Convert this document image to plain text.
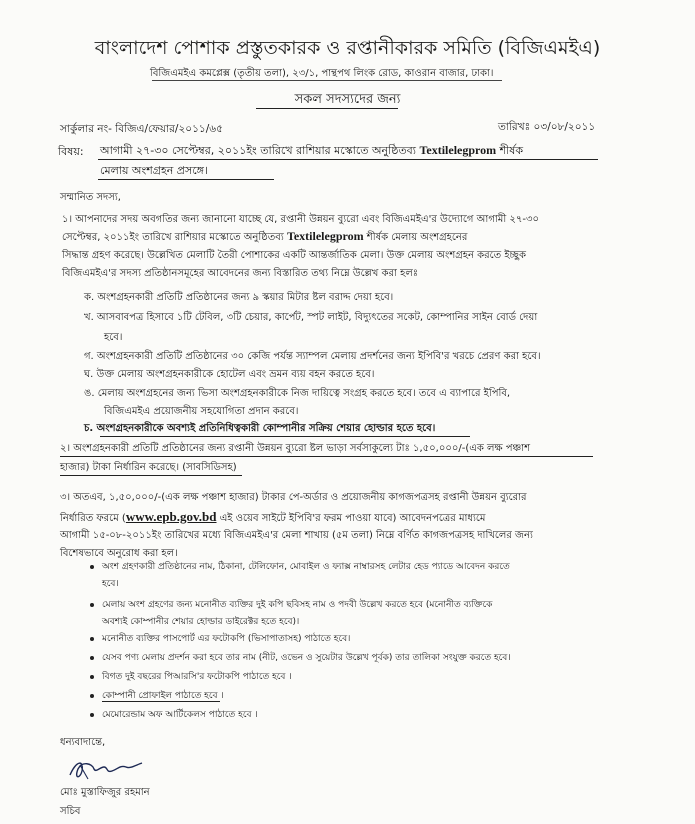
বাংলাদেশ পোশাক প্রস্তুতকারক ও রপ্তানীকারক সমিতি (বিজিএমইএ)
বিজিএমইএ কমপ্লেক্স (তৃতীয় তলা), ২৩/১, পান্থপথ লিংক রোড, কাওরান বাজার, ঢাকা।
সকল সদস্যদের জন্য
সার্কুলার নং- বিজিএ/ফেয়ার/২০১১/৬৫	তারিখঃ ০৩/০৮/২০১১
বিষয়: আগামী ২৭-৩০ সেপ্টেম্বর, ২০১১ইং তারিখে রাশিয়ার মস্কোতে অনুষ্ঠিতব্য Textilelegprom শীর্ষক
মেলায় অংশগ্রহন প্রসঙ্গে।
সম্মানিত সদস্য,
১। আপনাদের সদয় অবগতির জন্য জানানো যাচ্ছে যে, রপ্তানী উন্নয়ন ব্যুরো এবং বিজিএমইএ'র উদ্যোগে আগামী ২৭-৩০
সেপ্টেম্বর, ২০১১ইং তারিখে রাশিয়ার মস্কোতে অনুষ্ঠিতব্য Textilelegprom শীর্ষক মেলায় অংশগ্রহনের
সিদ্ধান্ত গ্রহণ করেছে। উল্লেখিত মেলাটি তৈরী পোশাকের একটি আন্তর্জাতিক মেলা। উক্ত মেলায় অংশগ্রহন করতে ইচ্ছুক
বিজিএমইএ'র সদস্য প্রতিষ্ঠানসমূহের আবেদনের জন্য বিস্তারিত তথ্য নিম্নে উল্লেখ করা হলঃ
ক. অংশগ্রহনকারী প্রতিটি প্রতিষ্ঠানের জন্য ৯ স্কয়ার মিটার ষ্টল বরাদ্দ দেয়া হবে।
খ. আসবাবপত্র হিসাবে ১টি টেবিল, ৩টি চেয়ার, কার্পেট, স্পট লাইট, বিদ্যুৎতের সকেট, কোম্পানির সাইন বোর্ড দেয়া
হবে।
গ. অংশগ্রহনকারী প্রতিটি প্রতিষ্ঠানের ৩০ কেজি পর্যন্ত স্যাম্পল মেলায় প্রদর্শনের জন্য ইপিবি'র খরচে প্রেরণ করা হবে।
ঘ. উক্ত মেলায় অংশগ্রহনকারীকে হোটেল এবং ভ্রমন ব্যয় বহন করতে হবে।
ঙ. মেলায় অংশগ্রহনের জন্য ভিসা অংশগ্রহনকারীকে নিজ দায়িত্বে সংগ্রহ করতে হবে। তবে এ ব্যাপারে ইপিবি,
বিজিএমইএ প্রয়োজনীয় সহযোগিতা প্রদান করবে।
চ. অংশগ্রহনকারীকে অবশ্যই প্রতিনিধিত্বকারী কোম্পানীর সক্রিয় শেয়ার হোল্ডার হতে হবে।
২। অংশগ্রহনকারী প্রতিটি প্রতিষ্ঠানের জন্য রপ্তানী উন্নয়ন ব্যুরো ষ্টল ভাড়া সর্বসাকুল্যে টাঃ ১,৫০,০০০/-(এক লক্ষ পঞ্চাশ
হাজার) টাকা নির্ধারিন করেছে। (সাবসিডিসহ)
৩। অতএব, ১,৫০,০০০/-(এক লক্ষ পঞ্চাশ হাজার) টাকার পে-অর্ডার ও প্রয়োজনীয় কাগজপত্রসহ রপ্তানী উন্নয়ন ব্যুরোর
নির্ধারিত ফরমে (www.epb.gov.bd এই ওয়েব সাইটে ইপিবি'র ফরম পাওয়া যাবে) আবেদনপত্রের মাধ্যমে
আগামী ১৫-০৮-২০১১ইং তারিখের মধ্যে বিজিএমইএ'র মেলা শাখায় (৫ম তলা) নিম্নে বর্ণিত কাগজপত্রসহ দাখিলের জন্য
বিশেষভাবে অনুরোধ করা হল।
অংশ গ্রহণকারী প্রতিষ্ঠানের নাম, ঠিকানা, টেলিফোন, মোবাইল ও ফ্যাক্স নাম্বারসহ লেটার হেড প্যাডে আবেদন করতে
হবে।
মেলায় অংশ গ্রহণের জন্য মনোনীত ব্যক্তির দুই কপি ছবিসহ নাম ও পদবী উল্লেখ করতে হবে (মনোনীত ব্যক্তিকে
অবশ্যই কোম্পানীর শেয়ার হোল্ডার ডাইরেক্টর হতে হবে)।
মনোনীত ব্যক্তির পাসপোর্ট এর ফটোকপি (ভিসাপাতাসহ) পাঠাতে হবে।
যেসব পণ্য মেলায় প্রদর্শন করা হবে তার নাম (নীট, ওভেন ও সুয়েটার উল্লেখ পূর্বক) তার তালিকা সংযুক্ত করতে হবে।
বিগত দুই বছরের পিআরসি'র ফটোকপি পাঠাতে হবে ।
কোম্পানী প্রোফাইল পাঠাতে হবে ।
মেমোরেন্ডাম অফ আর্টিকেলস পাঠাতে হবে ।
ধন্যবাদান্তে,
মোঃ মুস্তাফিজুর রহমান
সচিব
